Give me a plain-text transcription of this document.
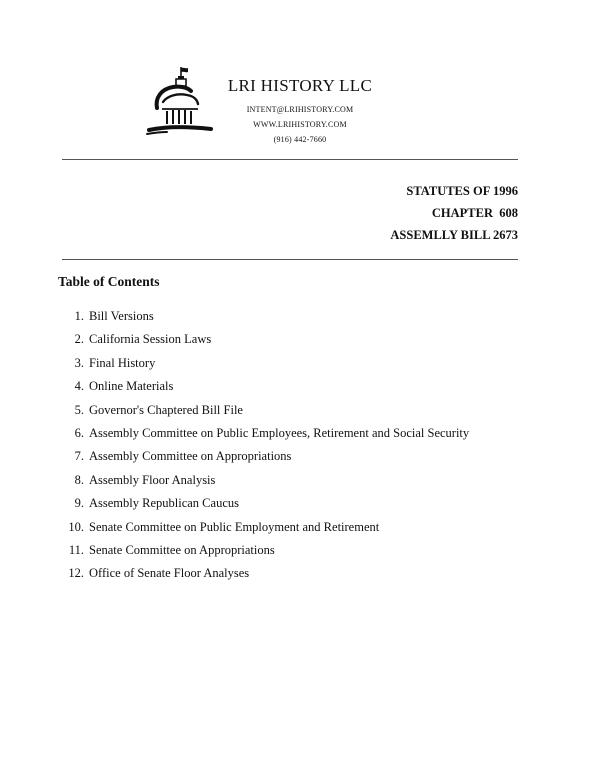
LRI HISTORY LLC
INTENT@LRIHISTORY.COM
WWW.LRIHISTORY.COM
(916) 442-7660
STATUTES OF 1996
CHAPTER  608
ASSEMLLY BILL 2673
Table of Contents
1. Bill Versions
2. California Session Laws
3. Final History
4. Online Materials
5. Governor's Chaptered Bill File
6. Assembly Committee on Public Employees, Retirement and Social Security
7. Assembly Committee on Appropriations
8. Assembly Floor Analysis
9. Assembly Republican Caucus
10. Senate Committee on Public Employment and Retirement
11. Senate Committee on Appropriations
12. Office of Senate Floor Analyses
